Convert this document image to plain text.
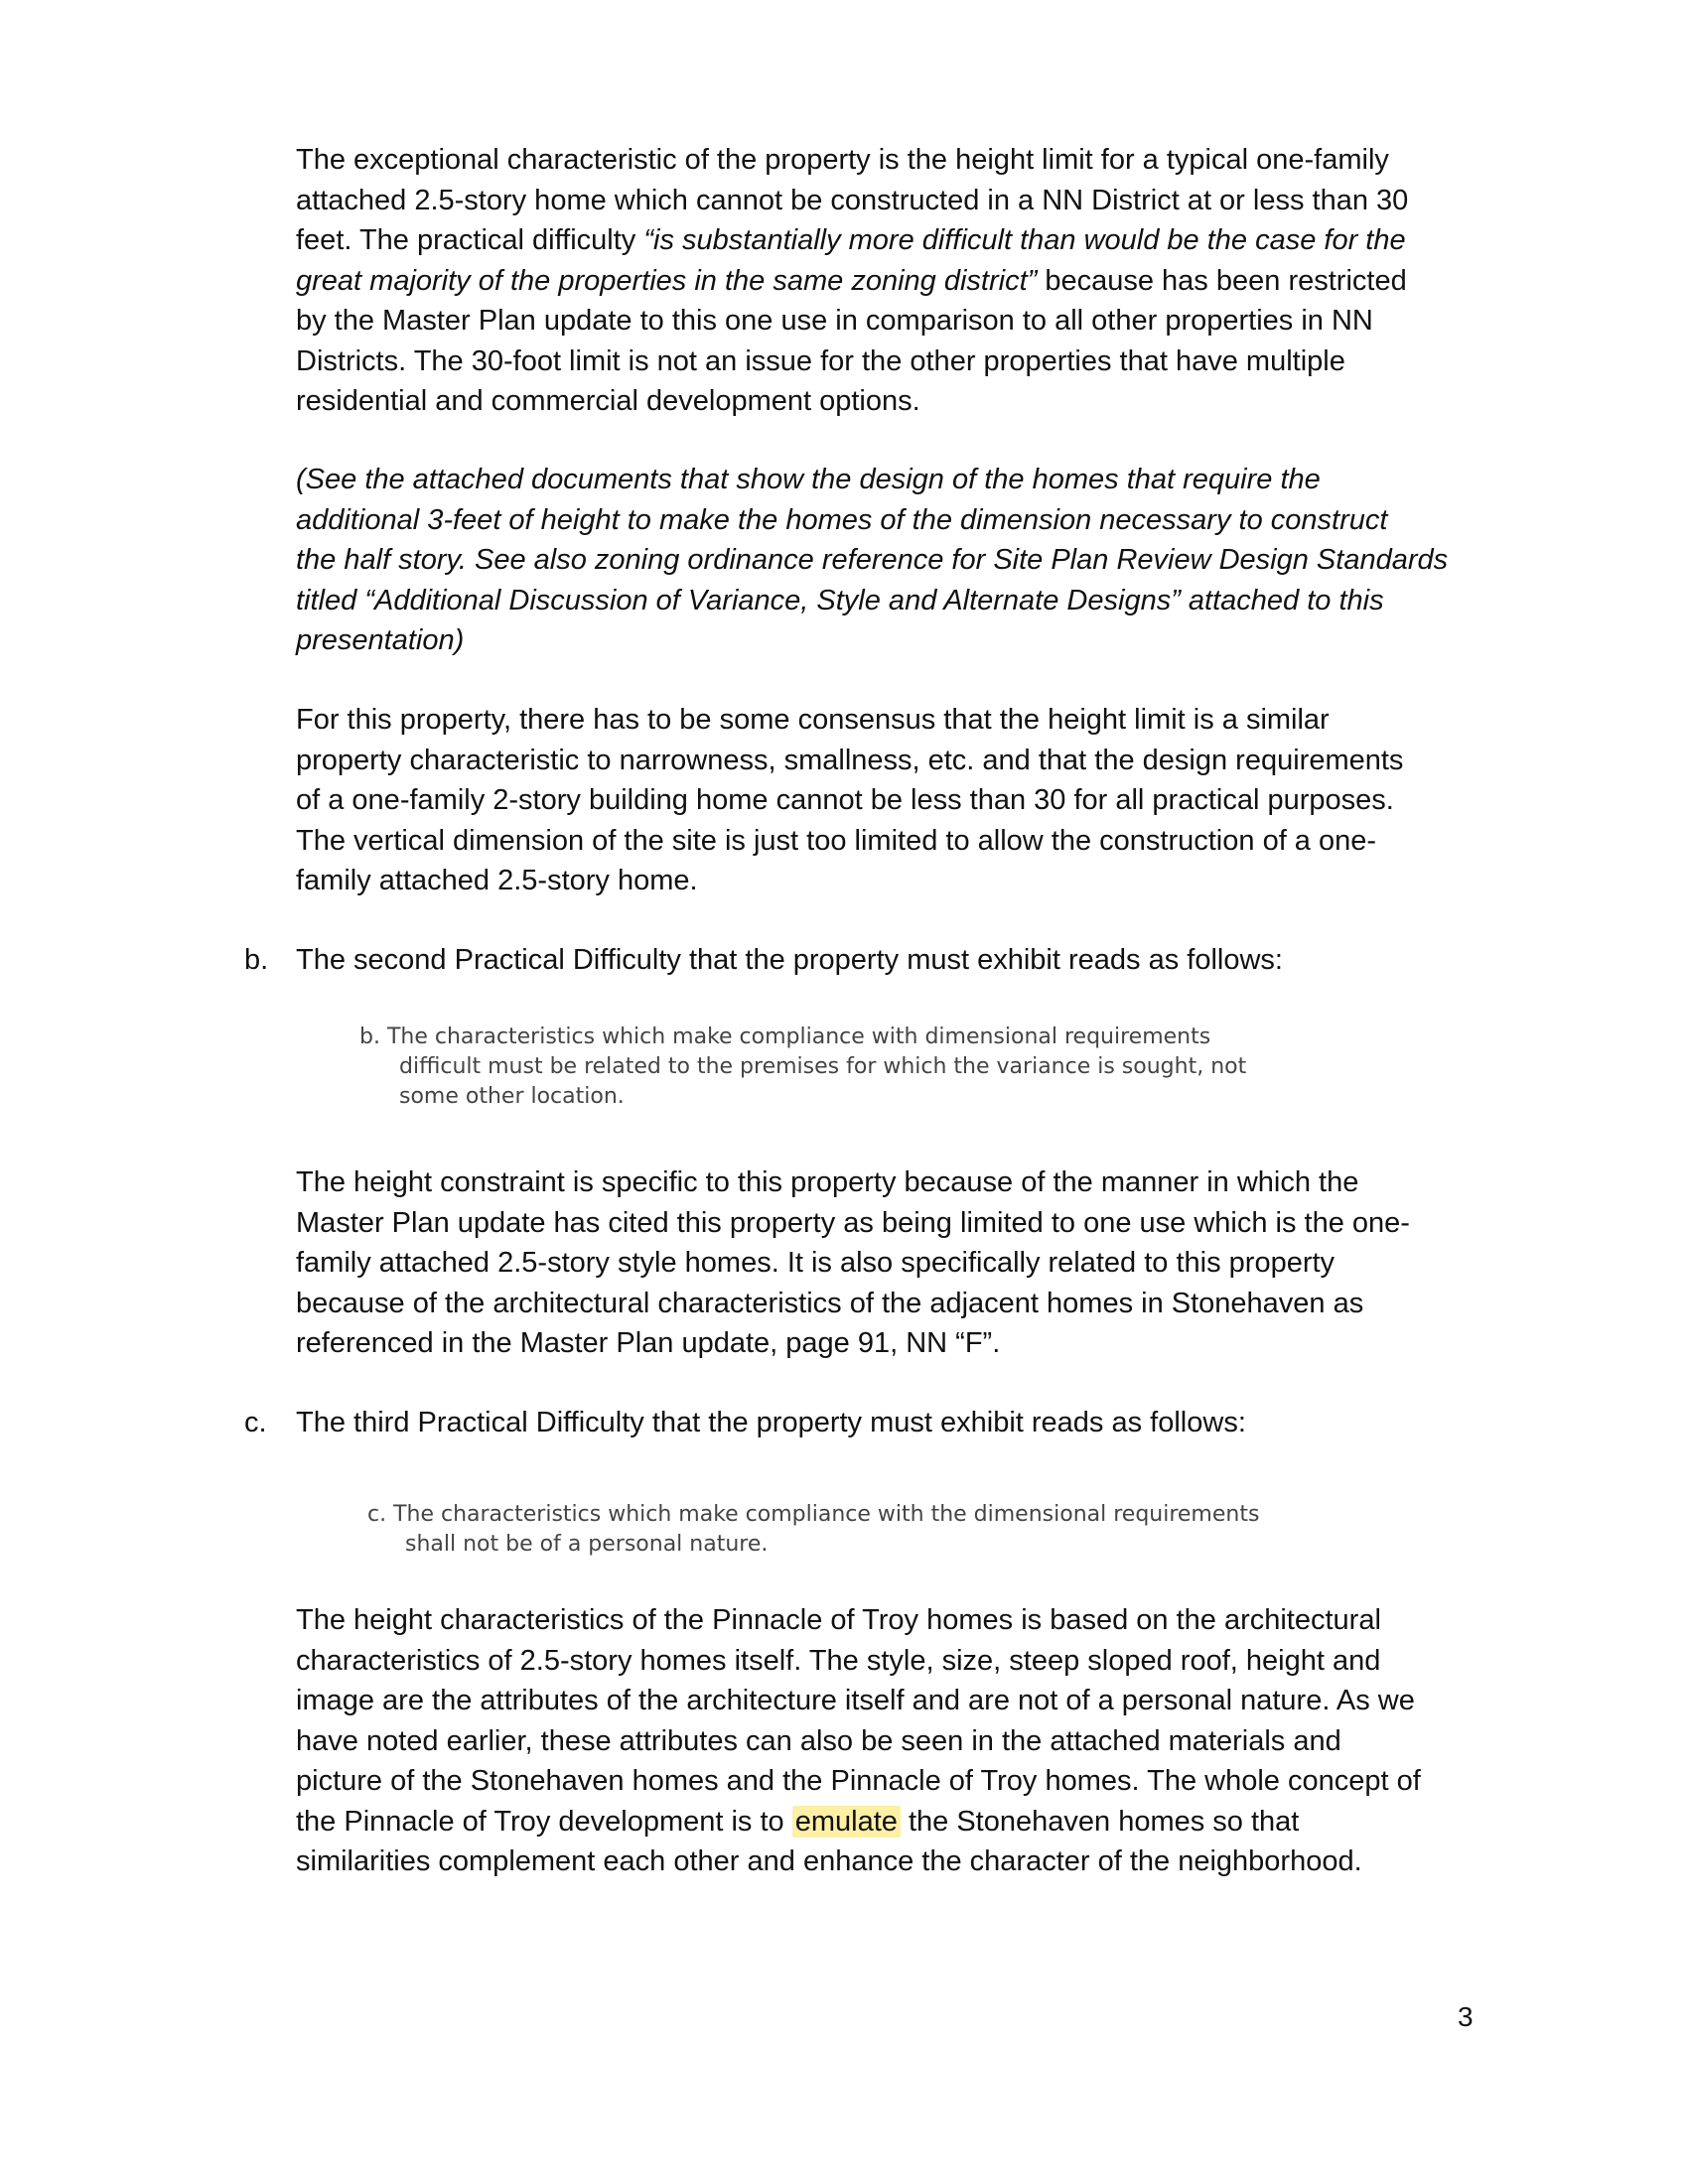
The exceptional characteristic of the property is the height limit for a typical one-family
attached 2.5-story home which cannot be constructed in a NN District at or less than 30
feet. The practical difficulty “is substantially more difficult than would be the case for the
great majority of the properties in the same zoning district” because has been restricted
by the Master Plan update to this one use in comparison to all other properties in NN
Districts. The 30-foot limit is not an issue for the other properties that have multiple
residential and commercial development options.
(See the attached documents that show the design of the homes that require the
additional 3-feet of height to make the homes of the dimension necessary to construct
the half story. See also zoning ordinance reference for Site Plan Review Design Standards
titled “Additional Discussion of Variance, Style and Alternate Designs” attached to this
presentation)
For this property, there has to be some consensus that the height limit is a similar
property characteristic to narrowness, smallness, etc. and that the design requirements
of a one-family 2-story building home cannot be less than 30 for all practical purposes.
The vertical dimension of the site is just too limited to allow the construction of a one-
family attached 2.5-story home.
b. The second Practical Difficulty that the property must exhibit reads as follows:
b. The characteristics which make compliance with dimensional requirements
difficult must be related to the premises for which the variance is sought, not
some other location.
The height constraint is specific to this property because of the manner in which the
Master Plan update has cited this property as being limited to one use which is the one-
family attached 2.5-story style homes. It is also specifically related to this property
because of the architectural characteristics of the adjacent homes in Stonehaven as
referenced in the Master Plan update, page 91, NN “F”.
c. The third Practical Difficulty that the property must exhibit reads as follows:
c. The characteristics which make compliance with the dimensional requirements
shall not be of a personal nature.
The height characteristics of the Pinnacle of Troy homes is based on the architectural
characteristics of 2.5-story homes itself. The style, size, steep sloped roof, height and
image are the attributes of the architecture itself and are not of a personal nature. As we
have noted earlier, these attributes can also be seen in the attached materials and
picture of the Stonehaven homes and the Pinnacle of Troy homes. The whole concept of
the Pinnacle of Troy development is to emulate the Stonehaven homes so that
similarities complement each other and enhance the character of the neighborhood.
3
